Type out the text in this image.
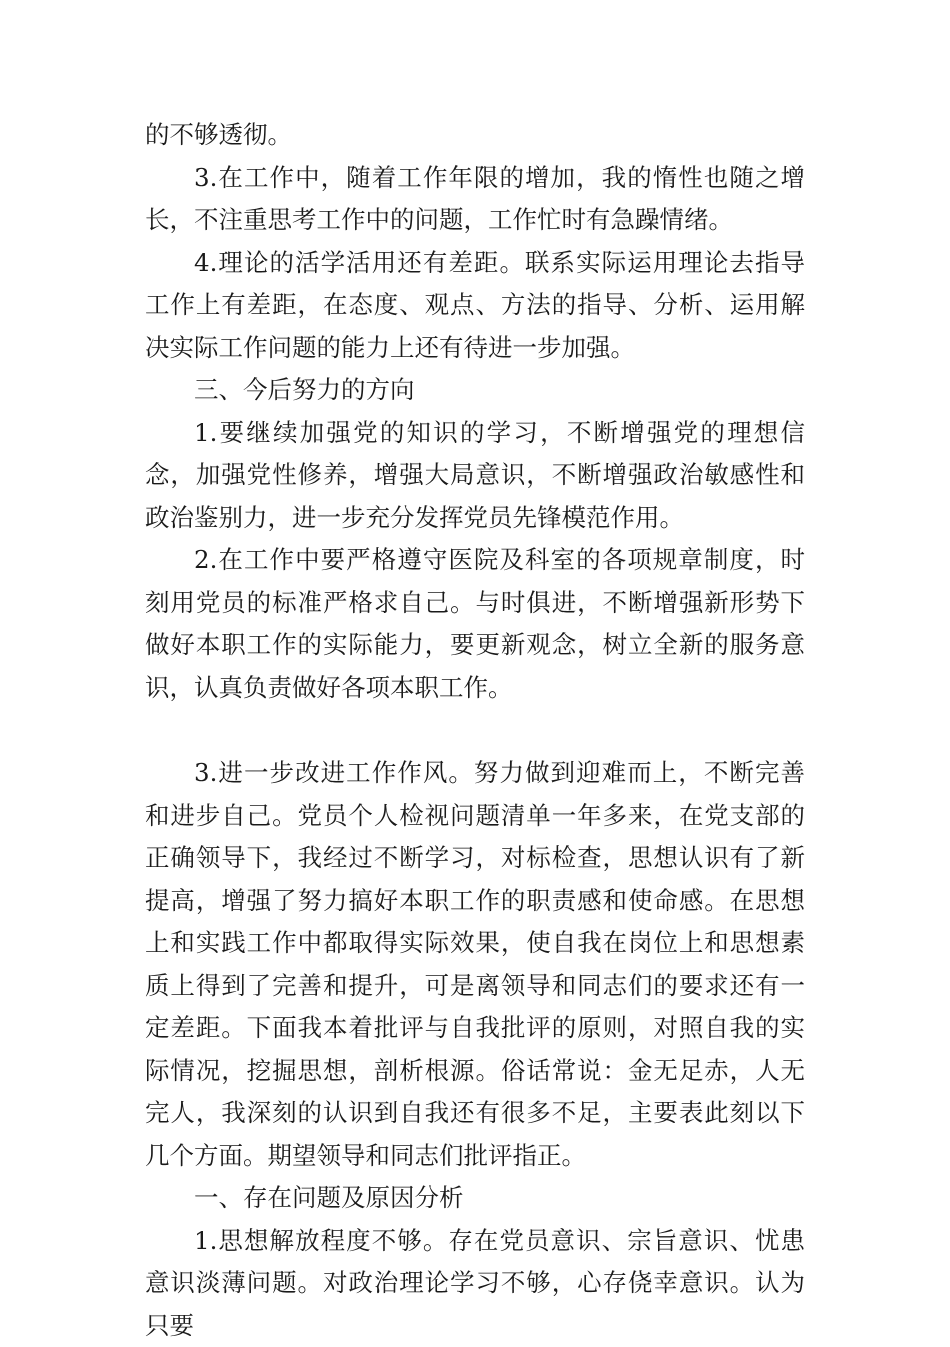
的不够透彻。

3.在工作中，随着工作年限的增加，我的惰性也随之增长，不注重思考工作中的问题，工作忙时有急躁情绪。

4.理论的活学活用还有差距。联系实际运用理论去指导工作上有差距，在态度、观点、方法的指导、分析、运用解决实际工作问题的能力上还有待进一步加强。

三、今后努力的方向

1.要继续加强党的知识的学习，不断增强党的理想信念，加强党性修养，增强大局意识，不断增强政治敏感性和政治鉴别力，进一步充分发挥党员先锋模范作用。

2.在工作中要严格遵守医院及科室的各项规章制度，时刻用党员的标准严格求自己。与时俱进，不断增强新形势下做好本职工作的实际能力，要更新观念，树立全新的服务意识，认真负责做好各项本职工作。

3.进一步改进工作作风。努力做到迎难而上，不断完善和进步自己。党员个人检视问题清单一年多来，在党支部的正确领导下，我经过不断学习，对标检查，思想认识有了新提高，增强了努力搞好本职工作的职责感和使命感。在思想上和实践工作中都取得实际效果，使自我在岗位上和思想素质上得到了完善和提升，可是离领导和同志们的要求还有一定差距。下面我本着批评与自我批评的原则，对照自我的实际情况，挖掘思想，剖析根源。俗话常说：金无足赤，人无完人，我深刻的认识到自我还有很多不足，主要表此刻以下几个方面。期望领导和同志们批评指正。

一、存在问题及原因分析

1.思想解放程度不够。存在党员意识、宗旨意识、忧患意识淡薄问题。对政治理论学习不够，心存侥幸意识。认为只要
